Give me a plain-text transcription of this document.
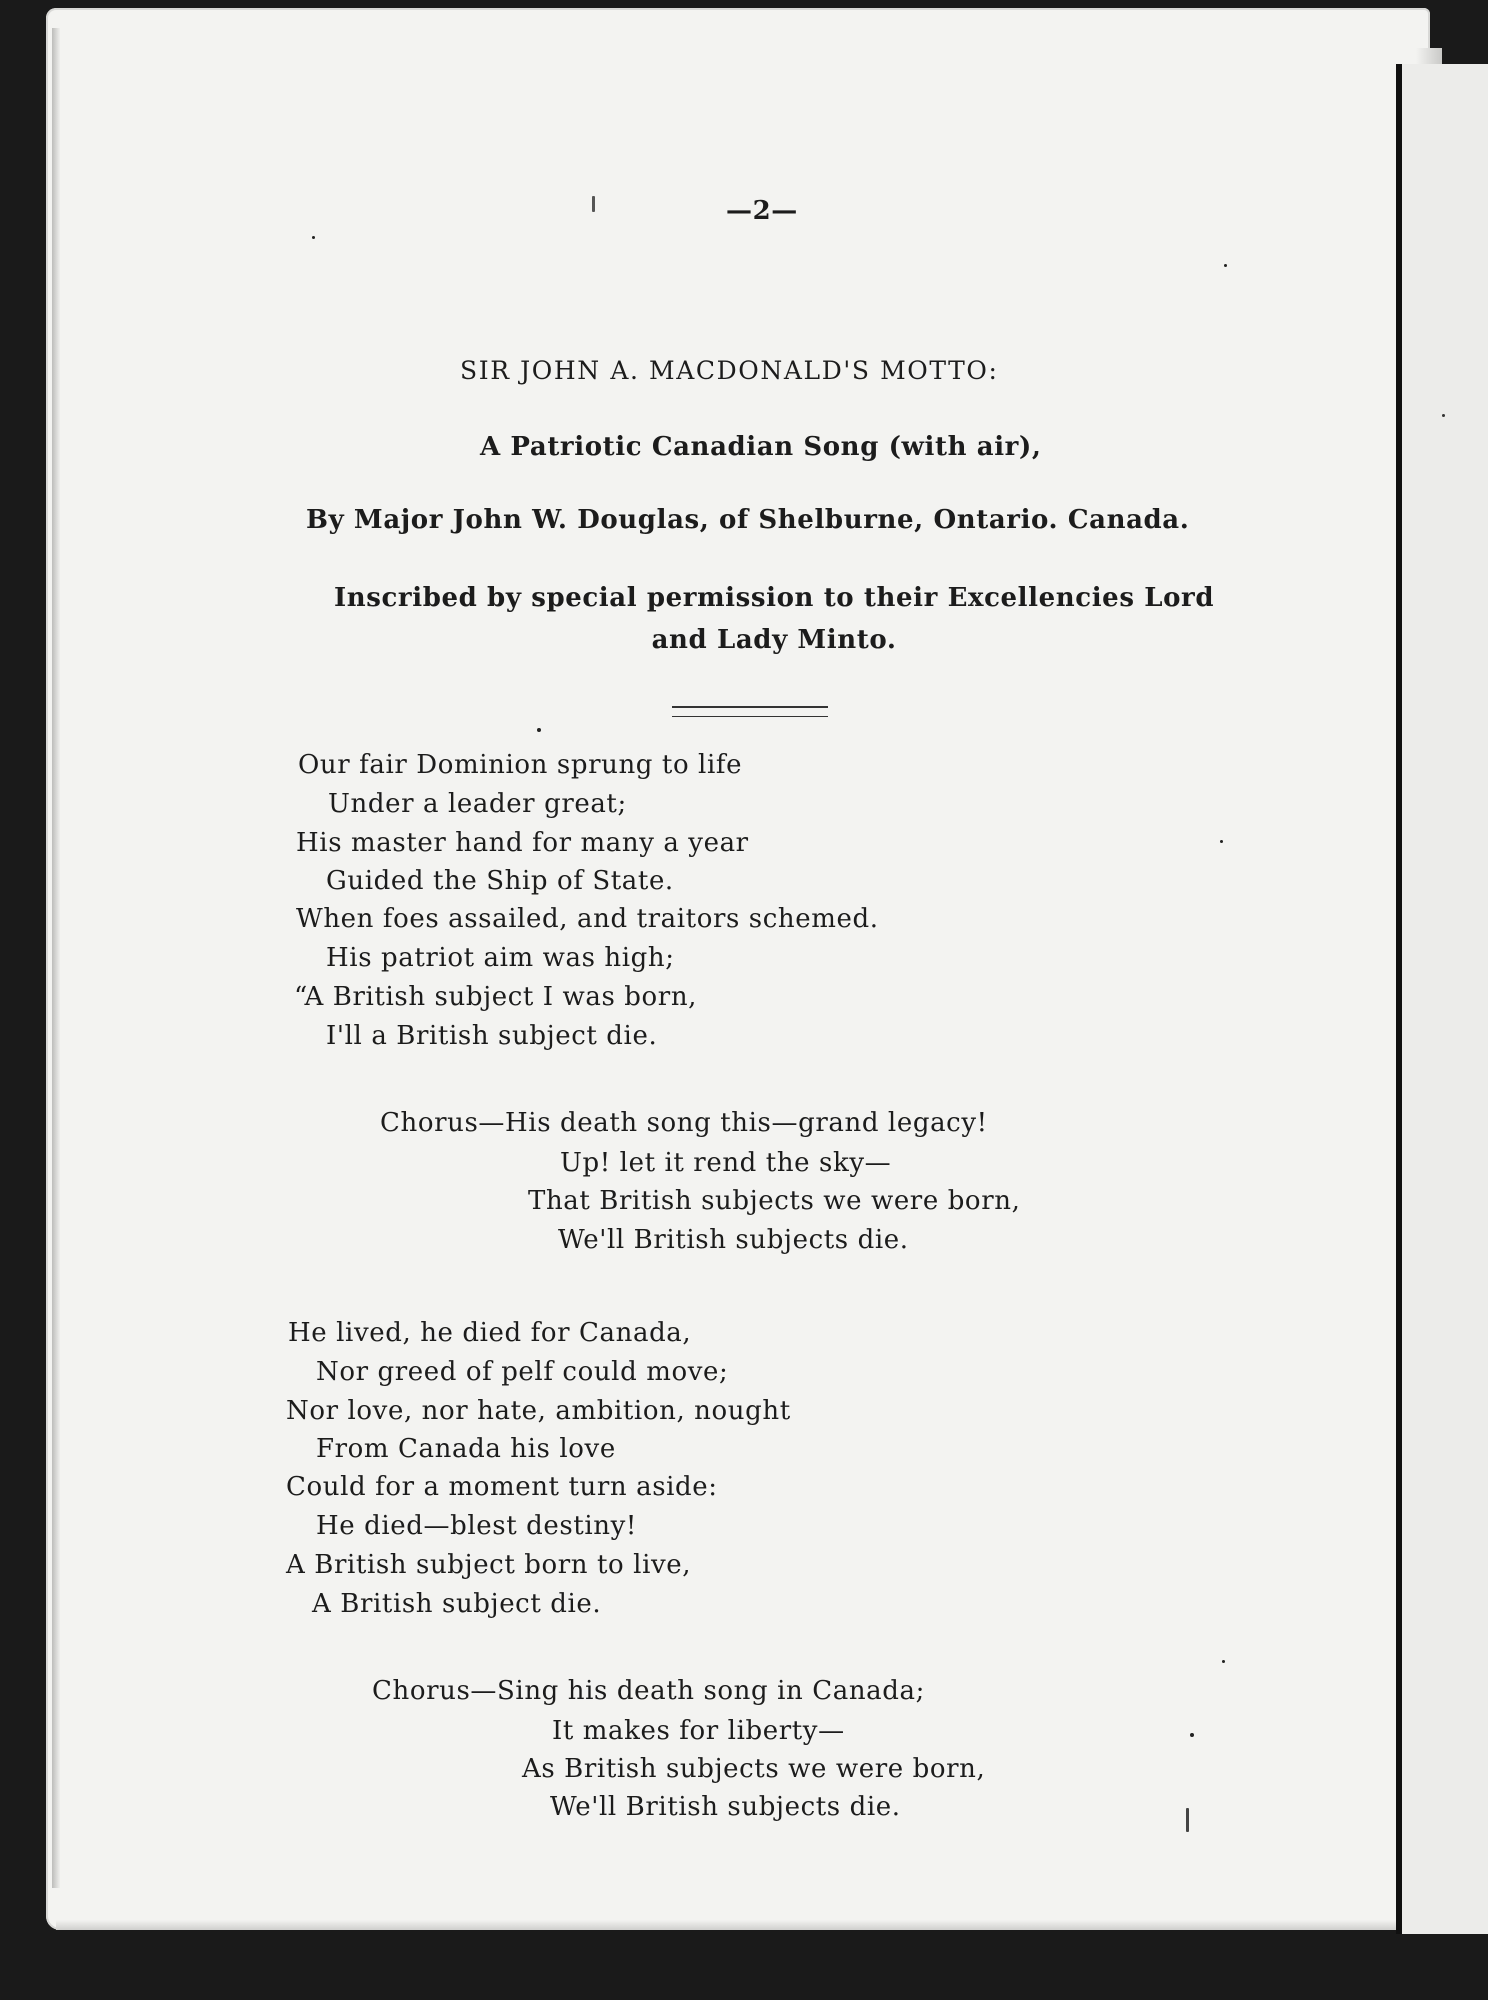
—2—
SIR JOHN A. MACDONALD'S MOTTO:
A Patriotic Canadian Song (with air),
By Major John W. Douglas, of Shelburne, Ontario. Canada.
Inscribed by special permission to their Excellencies Lord
and Lady Minto.
Our fair Dominion sprung to life
Under a leader great;
His master hand for many a year
Guided the Ship of State.
When foes assailed, and traitors schemed.
His patriot aim was high;
“A British subject I was born,
I'll a British subject die.
Chorus—His death song this—grand legacy!
Up! let it rend the sky—
That British subjects we were born,
We'll British subjects die.
He lived, he died for Canada,
Nor greed of pelf could move;
Nor love, nor hate, ambition, nought
From Canada his love
Could for a moment turn aside:
He died—blest destiny!
A British subject born to live,
A British subject die.
Chorus—Sing his death song in Canada;
It makes for liberty—
As British subjects we were born,
We'll British subjects die.
